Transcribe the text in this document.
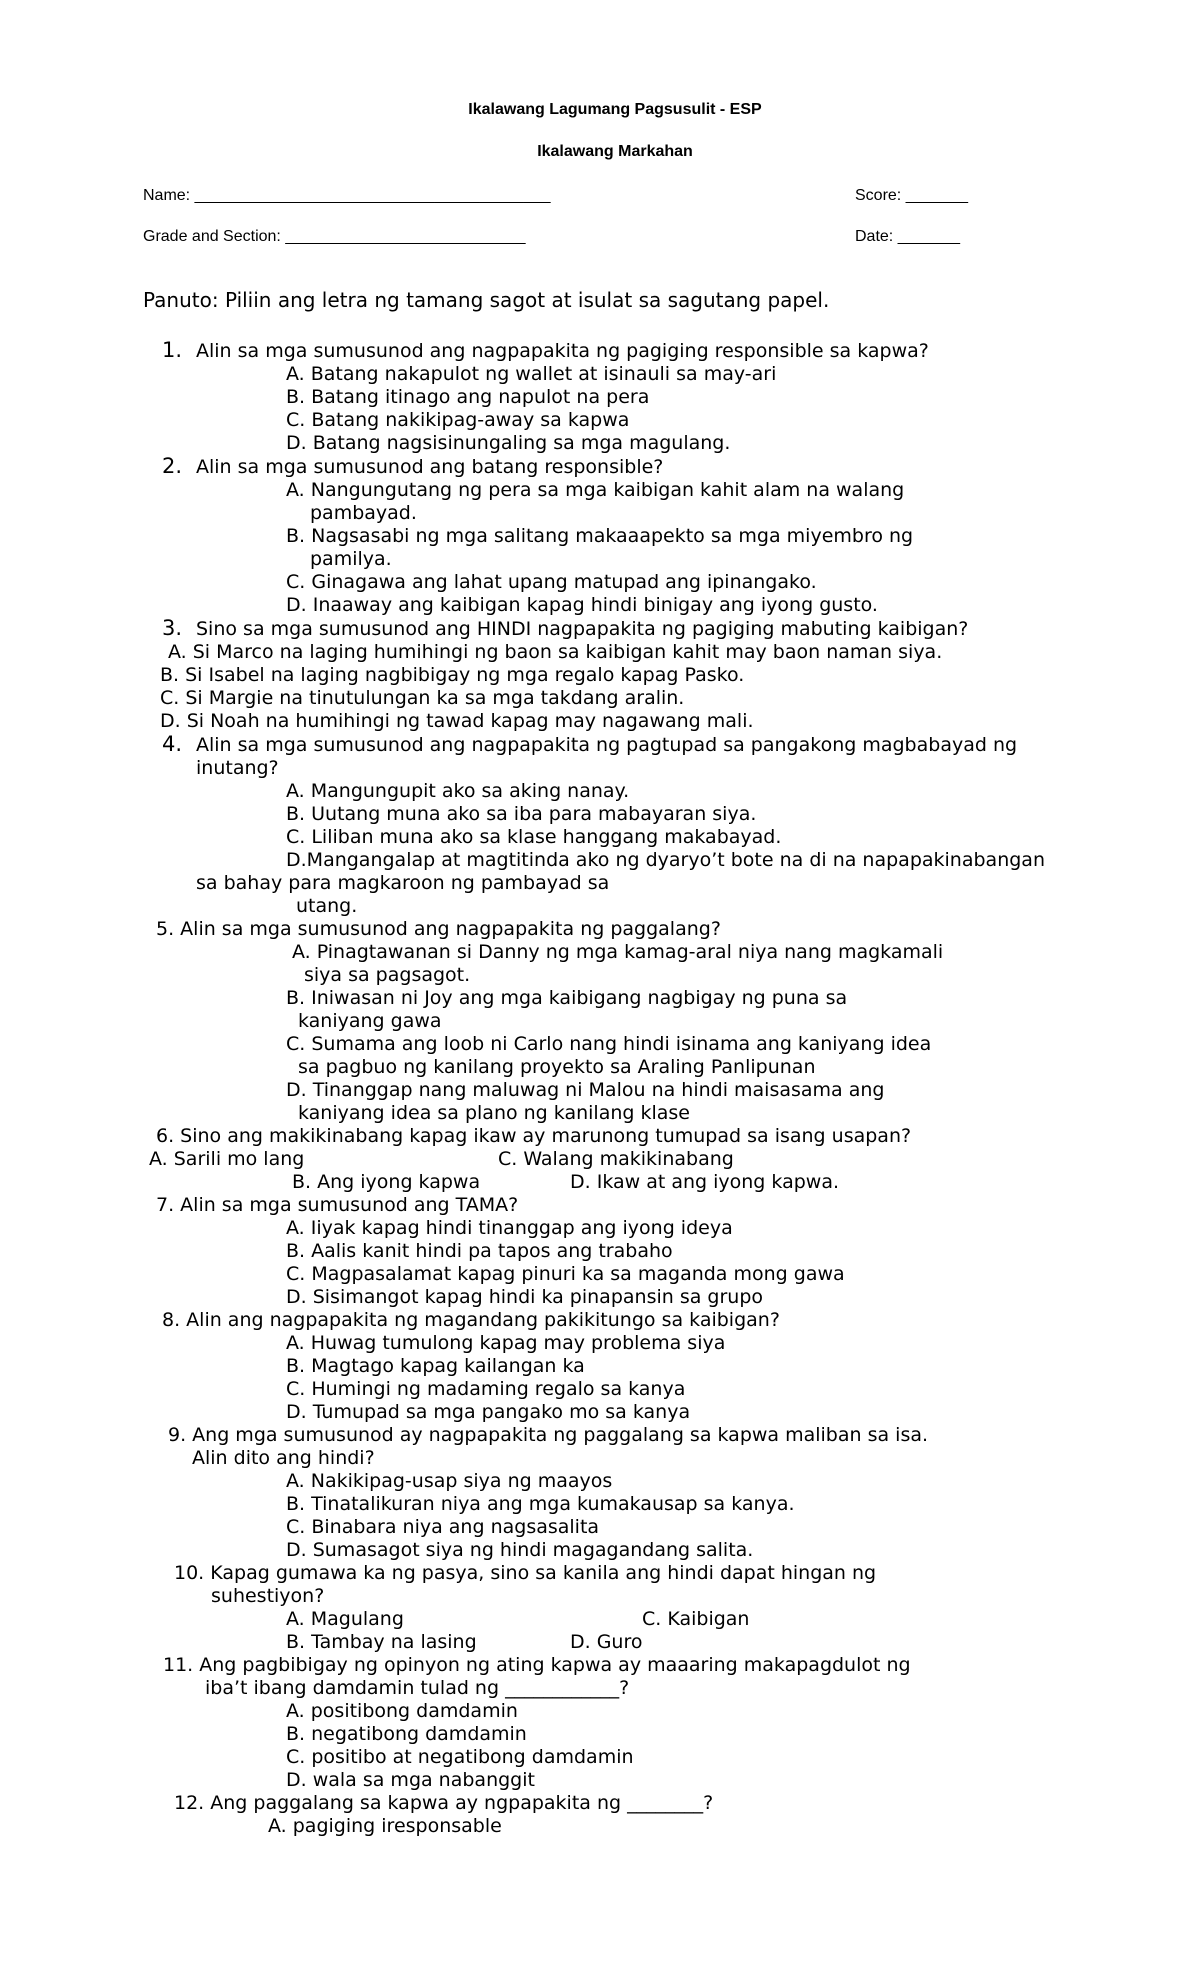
Ikalawang Lagumang Pagsusulit - ESP
Ikalawang Markahan
Name: ________________________________________	Score: _______
Grade and Section: ___________________________	Date: _______
Panuto: Piliin ang letra ng tamang sagot at isulat sa sagutang papel.
1. Alin sa mga sumusunod ang nagpapakita ng pagiging responsible sa kapwa?
A. Batang nakapulot ng wallet at isinauli sa may-ari
B. Batang itinago ang napulot na pera
C. Batang nakikipag-away sa kapwa
D. Batang nagsisinungaling sa mga magulang.
2. Alin sa mga sumusunod ang batang responsible?
A. Nangungutang ng pera sa mga kaibigan kahit alam na walang
pambayad.
B. Nagsasabi ng mga salitang makaaapekto sa mga miyembro ng
pamilya.
C. Ginagawa ang lahat upang matupad ang ipinangako.
D. Inaaway ang kaibigan kapag hindi binigay ang iyong gusto.
3. Sino sa mga sumusunod ang HINDI nagpapakita ng pagiging mabuting kaibigan?
A. Si Marco na laging humihingi ng baon sa kaibigan kahit may baon naman siya.
B. Si Isabel na laging nagbibigay ng mga regalo kapag Pasko.
C. Si Margie na tinutulungan ka sa mga takdang aralin.
D. Si Noah na humihingi ng tawad kapag may nagawang mali.
4. Alin sa mga sumusunod ang nagpapakita ng pagtupad sa pangakong magbabayad ng
inutang?
A. Mangungupit ako sa aking nanay.
B. Uutang muna ako sa iba para mabayaran siya.
C. Liliban muna ako sa klase hanggang makabayad.
D.Mangangalap at magtitinda ako ng dyaryo’t bote na di na napapakinabangan
sa bahay para magkaroon ng pambayad sa
utang.
5. Alin sa mga sumusunod ang nagpapakita ng paggalang?
A. Pinagtawanan si Danny ng mga kamag-aral niya nang magkamali
siya sa pagsagot.
B. Iniwasan ni Joy ang mga kaibigang nagbigay ng puna sa
kaniyang gawa
C. Sumama ang loob ni Carlo nang hindi isinama ang kaniyang idea
sa pagbuo ng kanilang proyekto sa Araling Panlipunan
D. Tinanggap nang maluwag ni Malou na hindi maisasama ang
kaniyang idea sa plano ng kanilang klase
6. Sino ang makikinabang kapag ikaw ay marunong tumupad sa isang usapan?
A. Sarili mo lang	C. Walang makikinabang
B. Ang iyong kapwa	D. Ikaw at ang iyong kapwa.
7. Alin sa mga sumusunod ang TAMA?
A. Iiyak kapag hindi tinanggap ang iyong ideya
B. Aalis kanit hindi pa tapos ang trabaho
C. Magpasalamat kapag pinuri ka sa maganda mong gawa
D. Sisimangot kapag hindi ka pinapansin sa grupo
8. Alin ang nagpapakita ng magandang pakikitungo sa kaibigan?
A. Huwag tumulong kapag may problema siya
B. Magtago kapag kailangan ka
C. Humingi ng madaming regalo sa kanya
D. Tumupad sa mga pangako mo sa kanya
9. Ang mga sumusunod ay nagpapakita ng paggalang sa kapwa maliban sa isa.
Alin dito ang hindi?
A. Nakikipag-usap siya ng maayos
B. Tinatalikuran niya ang mga kumakausap sa kanya.
C. Binabara niya ang nagsasalita
D. Sumasagot siya ng hindi magagandang salita.
10. Kapag gumawa ka ng pasya, sino sa kanila ang hindi dapat hingan ng
suhestiyon?
A. Magulang	C. Kaibigan
B. Tambay na lasing	D. Guro
11. Ang pagbibigay ng opinyon ng ating kapwa ay maaaring makapagdulot ng
iba’t ibang damdamin tulad ng ____________?
A. positibong damdamin
B. negatibong damdamin
C. positibo at negatibong damdamin
D. wala sa mga nabanggit
12. Ang paggalang sa kapwa ay ngpapakita ng ________?
A. pagiging iresponsable
